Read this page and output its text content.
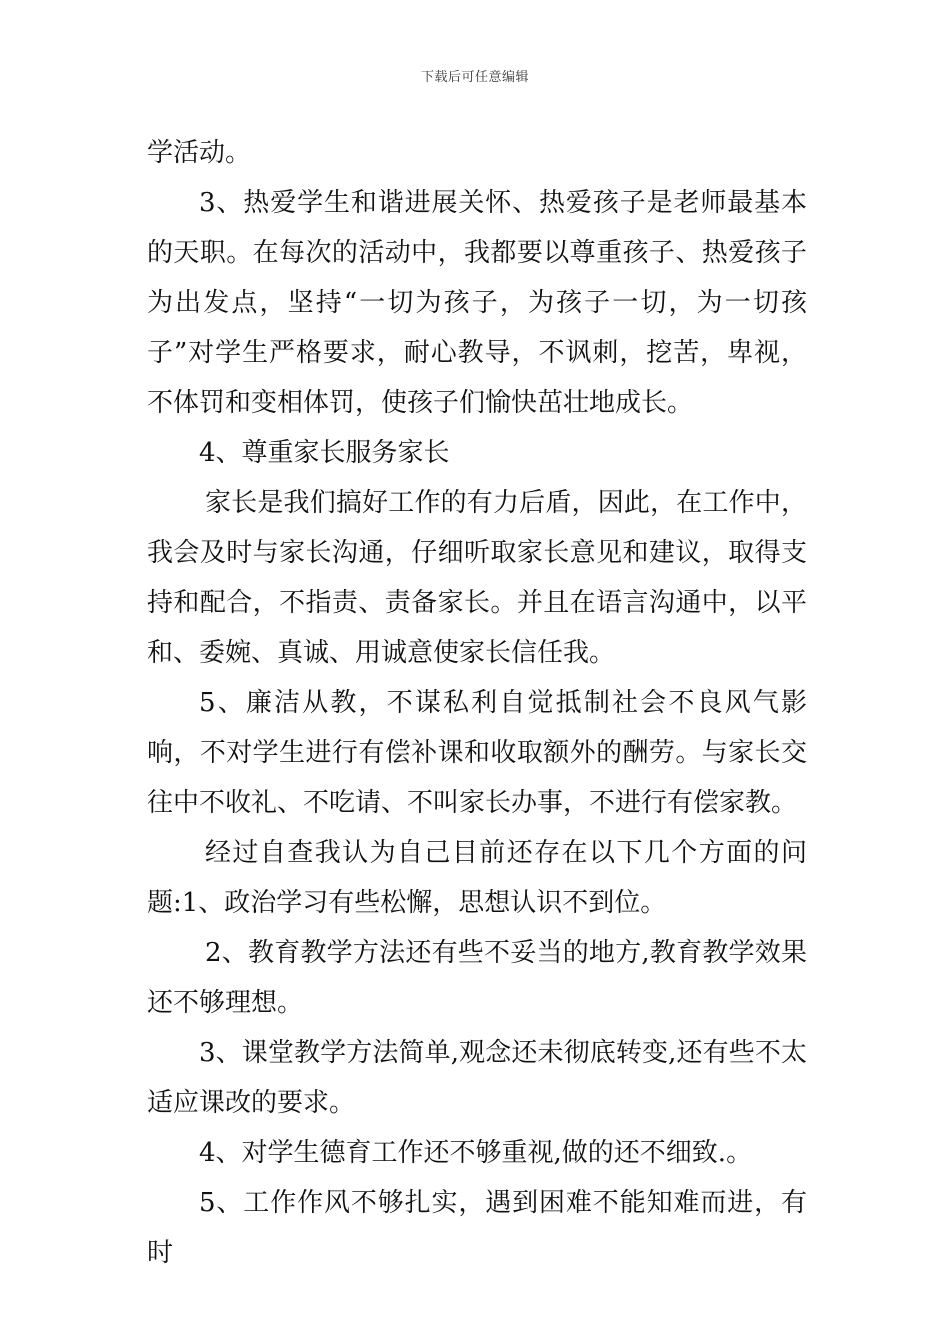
下载后可任意编辑

学活动。

3、热爱学生和谐进展关怀、热爱孩子是老师最基本的天职。在每次的活动中，我都要以尊重孩子、热爱孩子为出发点，坚持“一切为孩子，为孩子一切，为一切孩子”对学生严格要求，耐心教导，不讽刺，挖苦，卑视，不体罚和变相体罚，使孩子们愉快茁壮地成长。

4、尊重家长服务家长

家长是我们搞好工作的有力后盾，因此，在工作中，我会及时与家长沟通，仔细听取家长意见和建议，取得支持和配合，不指责、责备家长。并且在语言沟通中，以平和、委婉、真诚、用诚意使家长信任我。

5、廉洁从教，不谋私利自觉抵制社会不良风气影响，不对学生进行有偿补课和收取额外的酬劳。与家长交往中不收礼、不吃请、不叫家长办事，不进行有偿家教。

经过自查我认为自己目前还存在以下几个方面的问题:1、政治学习有些松懈，思想认识不到位。

2、教育教学方法还有些不妥当的地方,教育教学效果还不够理想。

3、课堂教学方法简单,观念还未彻底转变,还有些不太适应课改的要求。

4、对学生德育工作还不够重视,做的还不细致.。

5、工作作风不够扎实，遇到困难不能知难而进，有时
